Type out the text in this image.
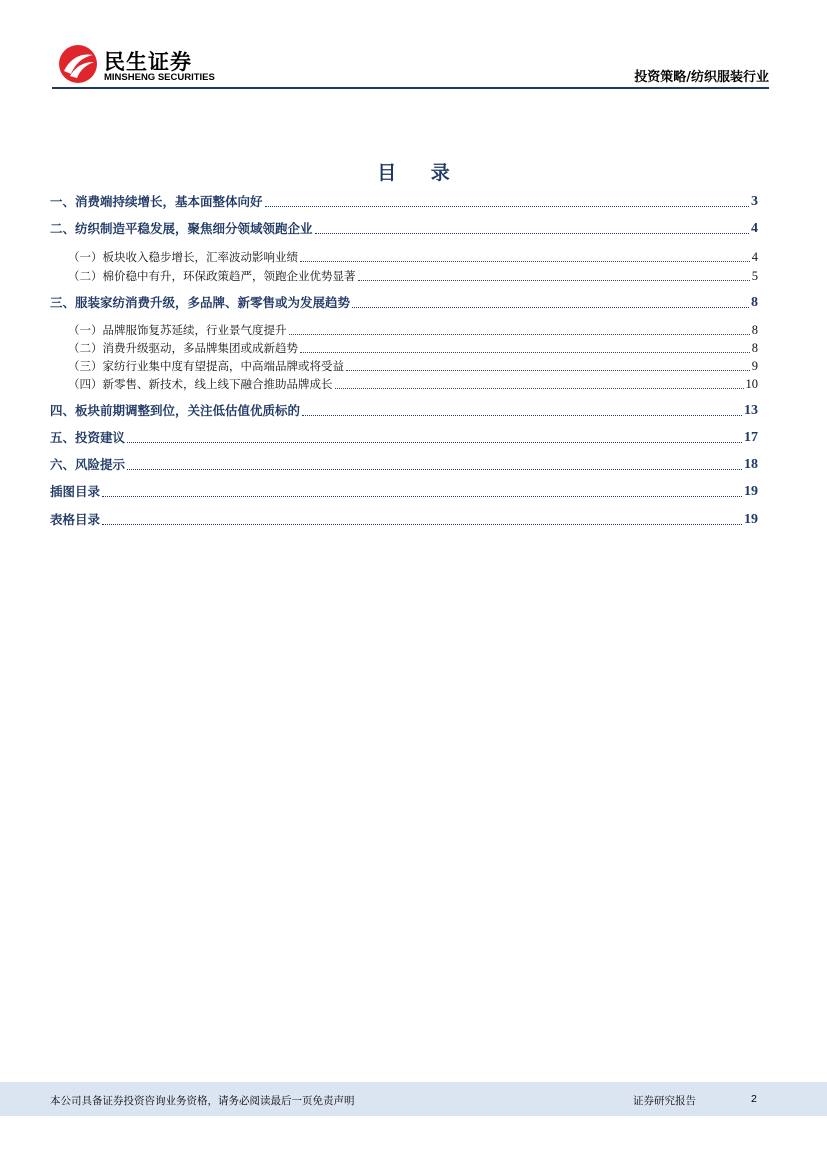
民生证券
MINSHENG SECURITIES	投资策略/纺织服装行业
目 录
一、消费端持续增长，基本面整体向好	3
二、纺织制造平稳发展，聚焦细分领域领跑企业	4
（一）板块收入稳步增长，汇率波动影响业绩	4
（二）棉价稳中有升，环保政策趋严，领跑企业优势显著	5
三、服装家纺消费升级，多品牌、新零售或为发展趋势	8
（一）品牌服饰复苏延续，行业景气度提升	8
（二）消费升级驱动，多品牌集团或成新趋势	8
（三）家纺行业集中度有望提高，中高端品牌或将受益	9
（四）新零售、新技术，线上线下融合推助品牌成长	10
四、板块前期调整到位，关注低估值优质标的	13
五、投资建议	17
六、风险提示	18
插图目录	19
表格目录	19
本公司具备证券投资咨询业务资格，请务必阅读最后一页免责声明	证券研究报告	2
